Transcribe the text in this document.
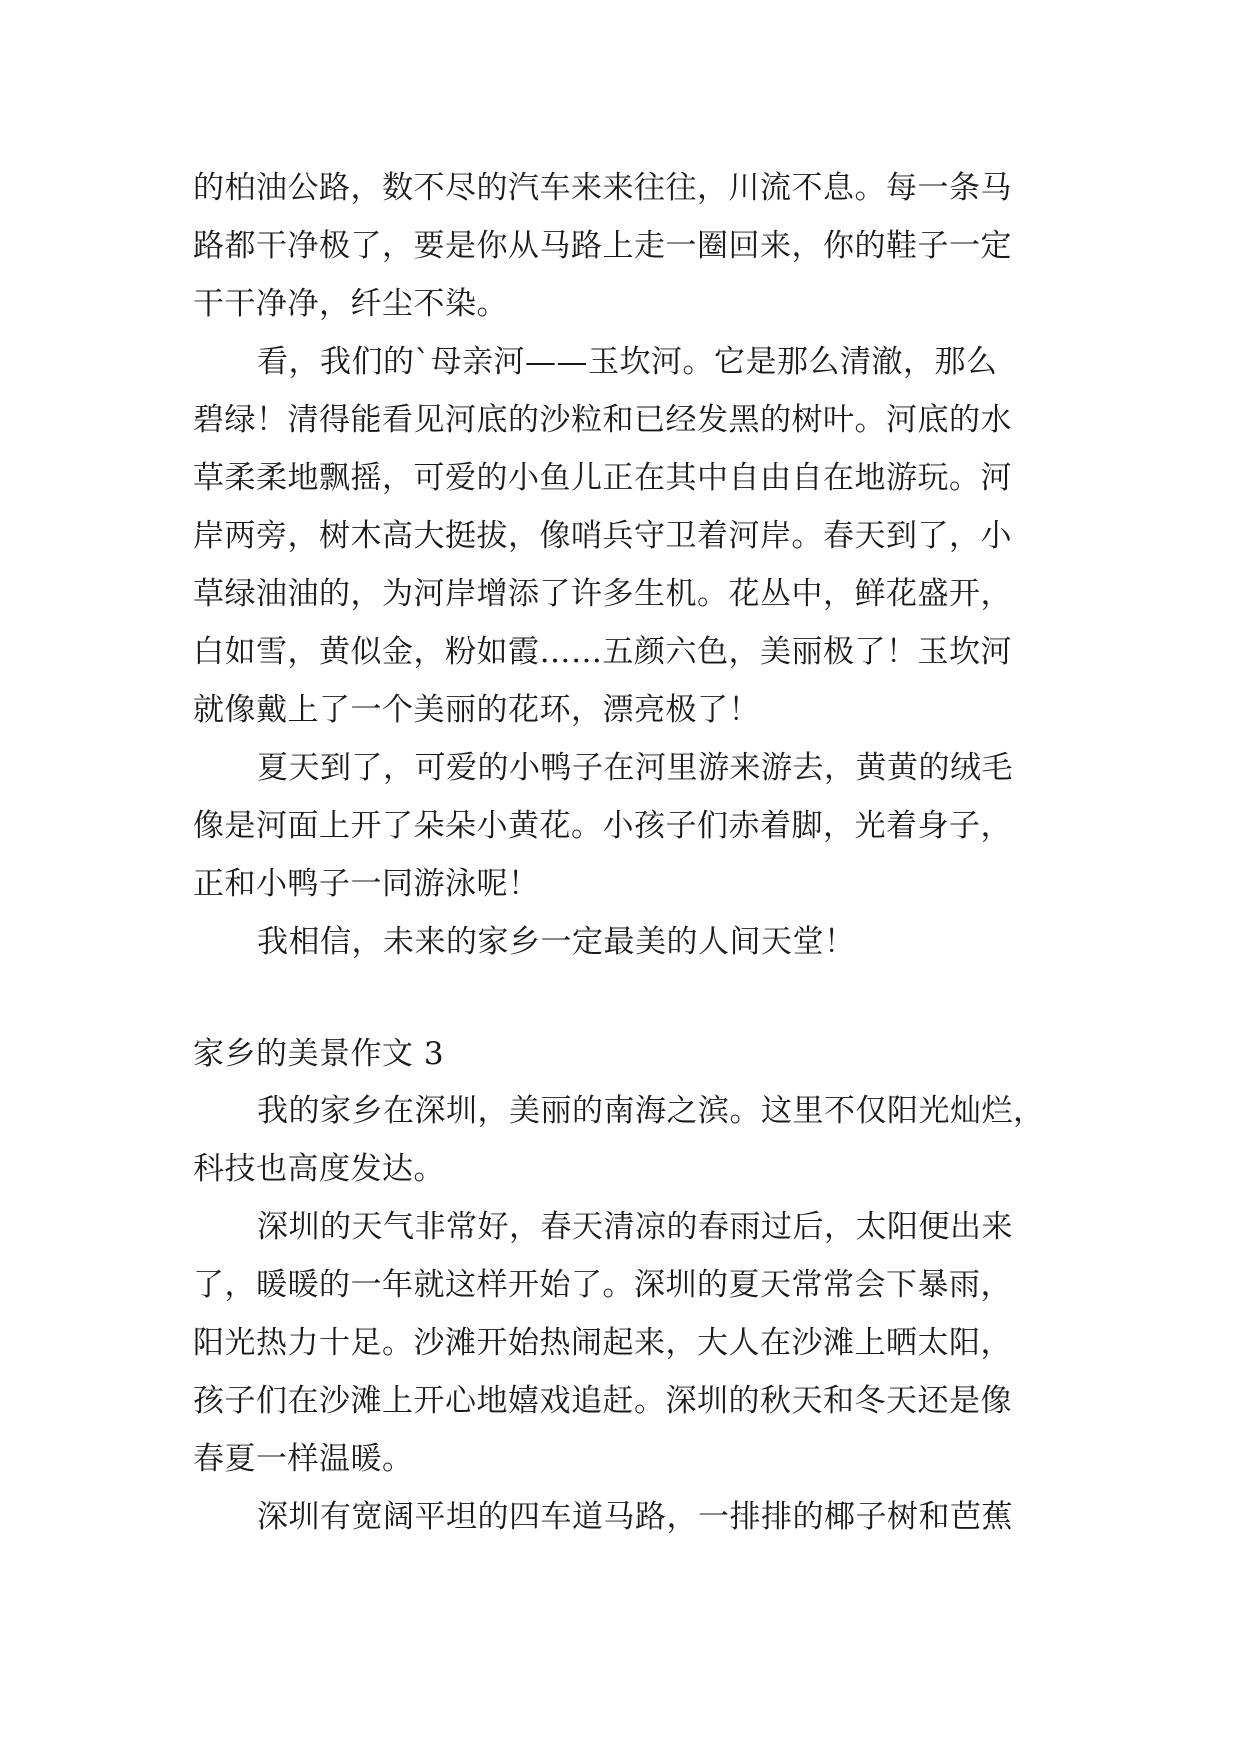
的柏油公路，数不尽的汽车来来往往，川流不息。每一条马
路都干净极了，要是你从马路上走一圈回来，你的鞋子一定
干干净净，纤尘不染。
看，我们的`母亲河——玉坎河。它是那么清澈，那么
碧绿！清得能看见河底的沙粒和已经发黑的树叶。河底的水
草柔柔地飘摇，可爱的小鱼儿正在其中自由自在地游玩。河
岸两旁，树木高大挺拔，像哨兵守卫着河岸。春天到了，小
草绿油油的，为河岸增添了许多生机。花丛中，鲜花盛开，
白如雪，黄似金，粉如霞……五颜六色，美丽极了！玉坎河
就像戴上了一个美丽的花环，漂亮极了！
夏天到了，可爱的小鸭子在河里游来游去，黄黄的绒毛
像是河面上开了朵朵小黄花。小孩子们赤着脚，光着身子，
正和小鸭子一同游泳呢！
我相信，未来的家乡一定最美的人间天堂！
家乡的美景作文 3
我的家乡在深圳，美丽的南海之滨。这里不仅阳光灿烂，
科技也高度发达。
深圳的天气非常好，春天清凉的春雨过后，太阳便出来
了，暖暖的一年就这样开始了。深圳的夏天常常会下暴雨，
阳光热力十足。沙滩开始热闹起来，大人在沙滩上晒太阳，
孩子们在沙滩上开心地嬉戏追赶。深圳的秋天和冬天还是像
春夏一样温暖。
深圳有宽阔平坦的四车道马路，一排排的椰子树和芭蕉
